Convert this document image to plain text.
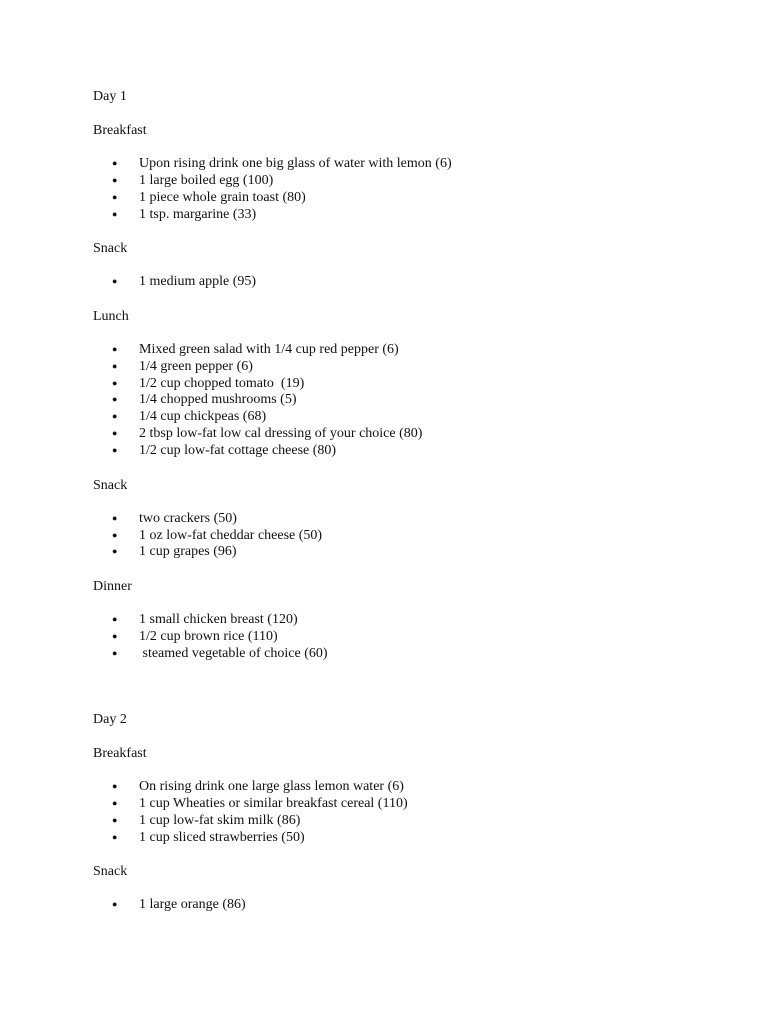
Day 1
Breakfast
● Upon rising drink one big glass of water with lemon (6)
● 1 large boiled egg (100)
● 1 piece whole grain toast (80)
● 1 tsp. margarine (33)
Snack
● 1 medium apple (95)
Lunch
● Mixed green salad with 1/4 cup red pepper (6)
● 1/4 green pepper (6)
● 1/2 cup chopped tomato  (19)
● 1/4 chopped mushrooms (5)
● 1/4 cup chickpeas (68)
● 2 tbsp low-fat low cal dressing of your choice (80)
● 1/2 cup low-fat cottage cheese (80)
Snack
● two crackers (50)
● 1 oz low-fat cheddar cheese (50)
● 1 cup grapes (96)
Dinner
● 1 small chicken breast (120)
● 1/2 cup brown rice (110)
● steamed vegetable of choice (60)
Day 2
Breakfast
● On rising drink one large glass lemon water (6)
● 1 cup Wheaties or similar breakfast cereal (110)
● 1 cup low-fat skim milk (86)
● 1 cup sliced strawberries (50)
Snack
● 1 large orange (86)
